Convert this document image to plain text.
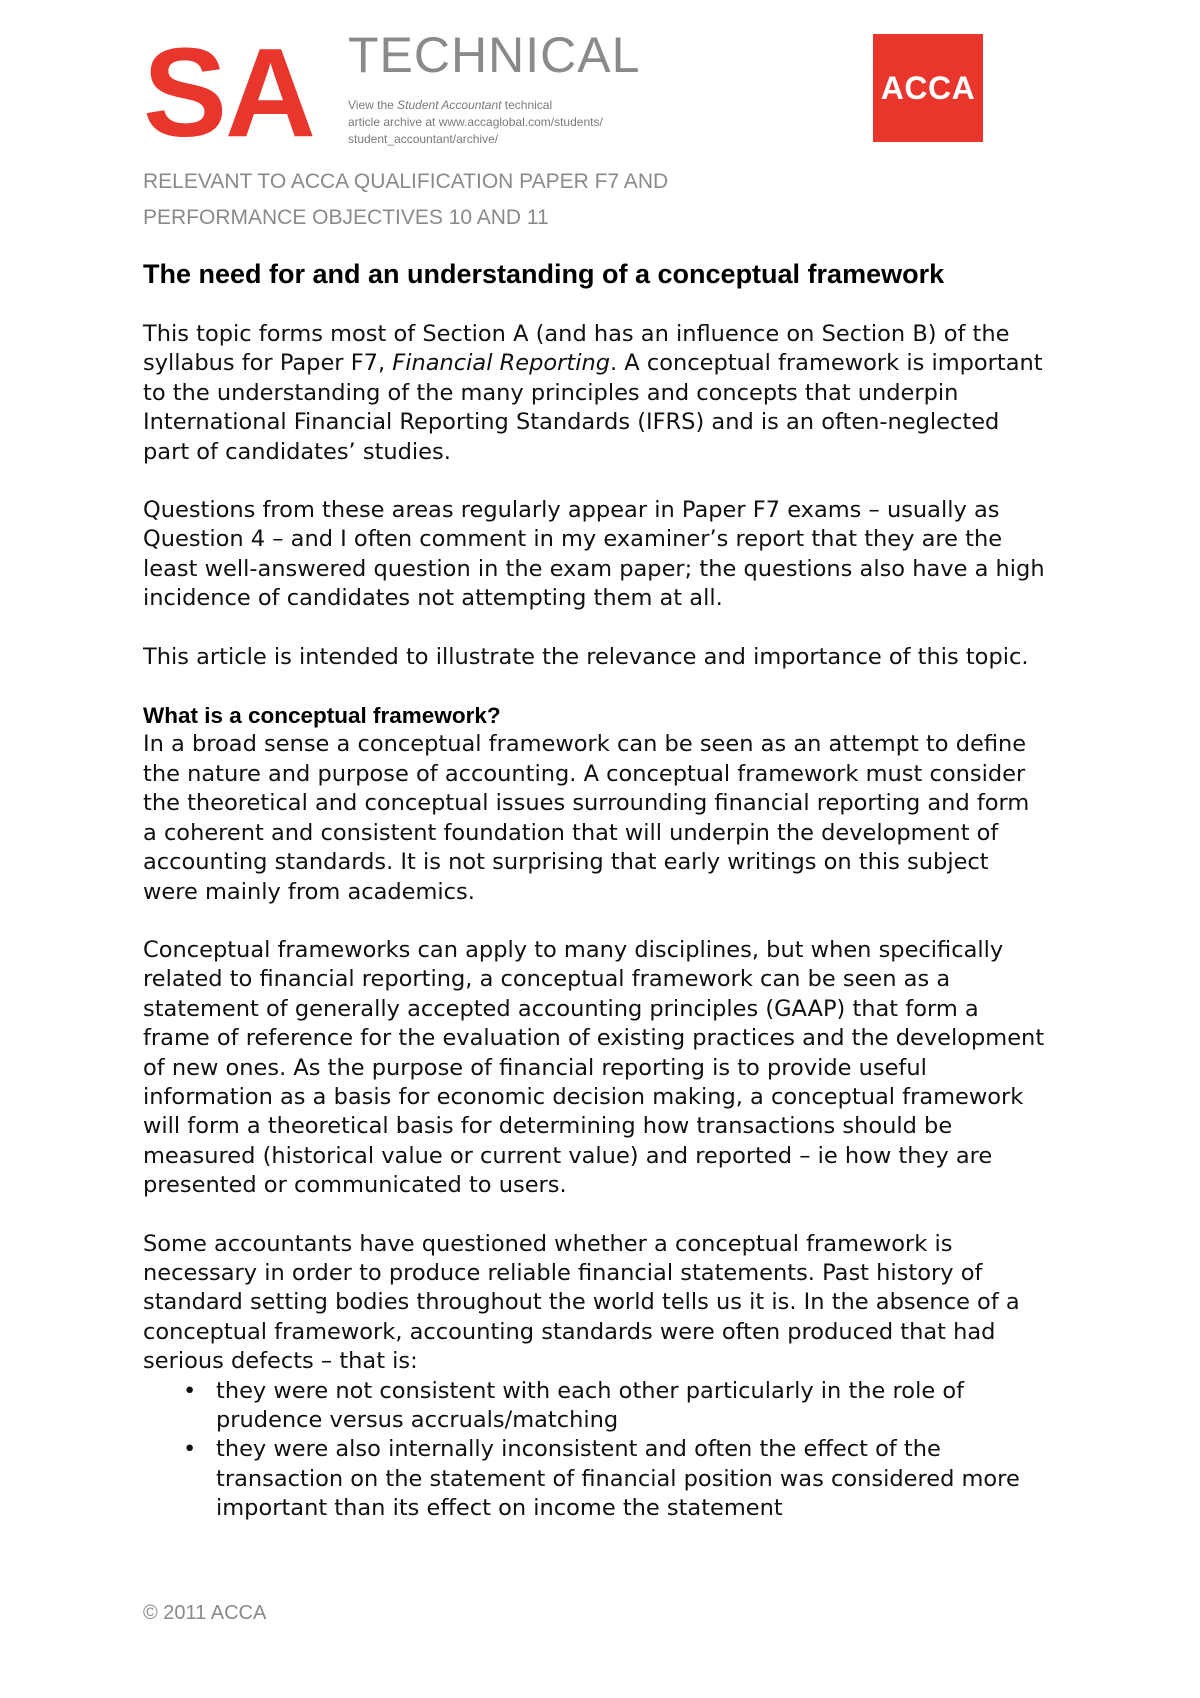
SA TECHNICAL
View the Student Accountant technical
article archive at www.accaglobal.com/students/
student_accountant/archive/
ACCA
RELEVANT TO ACCA QUALIFICATION PAPER F7 AND
PERFORMANCE OBJECTIVES 10 AND 11
The need for and an understanding of a conceptual framework

This topic forms most of Section A (and has an influence on Section B) of the
syllabus for Paper F7, Financial Reporting. A conceptual framework is important
to the understanding of the many principles and concepts that underpin
International Financial Reporting Standards (IFRS) and is an often-neglected
part of candidates’ studies.

Questions from these areas regularly appear in Paper F7 exams – usually as
Question 4 – and I often comment in my examiner’s report that they are the
least well-answered question in the exam paper; the questions also have a high
incidence of candidates not attempting them at all.

This article is intended to illustrate the relevance and importance of this topic.

What is a conceptual framework?
In a broad sense a conceptual framework can be seen as an attempt to define
the nature and purpose of accounting. A conceptual framework must consider
the theoretical and conceptual issues surrounding financial reporting and form
a coherent and consistent foundation that will underpin the development of
accounting standards. It is not surprising that early writings on this subject
were mainly from academics.

Conceptual frameworks can apply to many disciplines, but when specifically
related to financial reporting, a conceptual framework can be seen as a
statement of generally accepted accounting principles (GAAP) that form a
frame of reference for the evaluation of existing practices and the development
of new ones. As the purpose of financial reporting is to provide useful
information as a basis for economic decision making, a conceptual framework
will form a theoretical basis for determining how transactions should be
measured (historical value or current value) and reported – ie how they are
presented or communicated to users.

Some accountants have questioned whether a conceptual framework is
necessary in order to produce reliable financial statements. Past history of
standard setting bodies throughout the world tells us it is. In the absence of a
conceptual framework, accounting standards were often produced that had
serious defects – that is:
• they were not consistent with each other particularly in the role of
prudence versus accruals/matching
• they were also internally inconsistent and often the effect of the
transaction on the statement of financial position was considered more
important than its effect on income the statement
© 2011 ACCA
